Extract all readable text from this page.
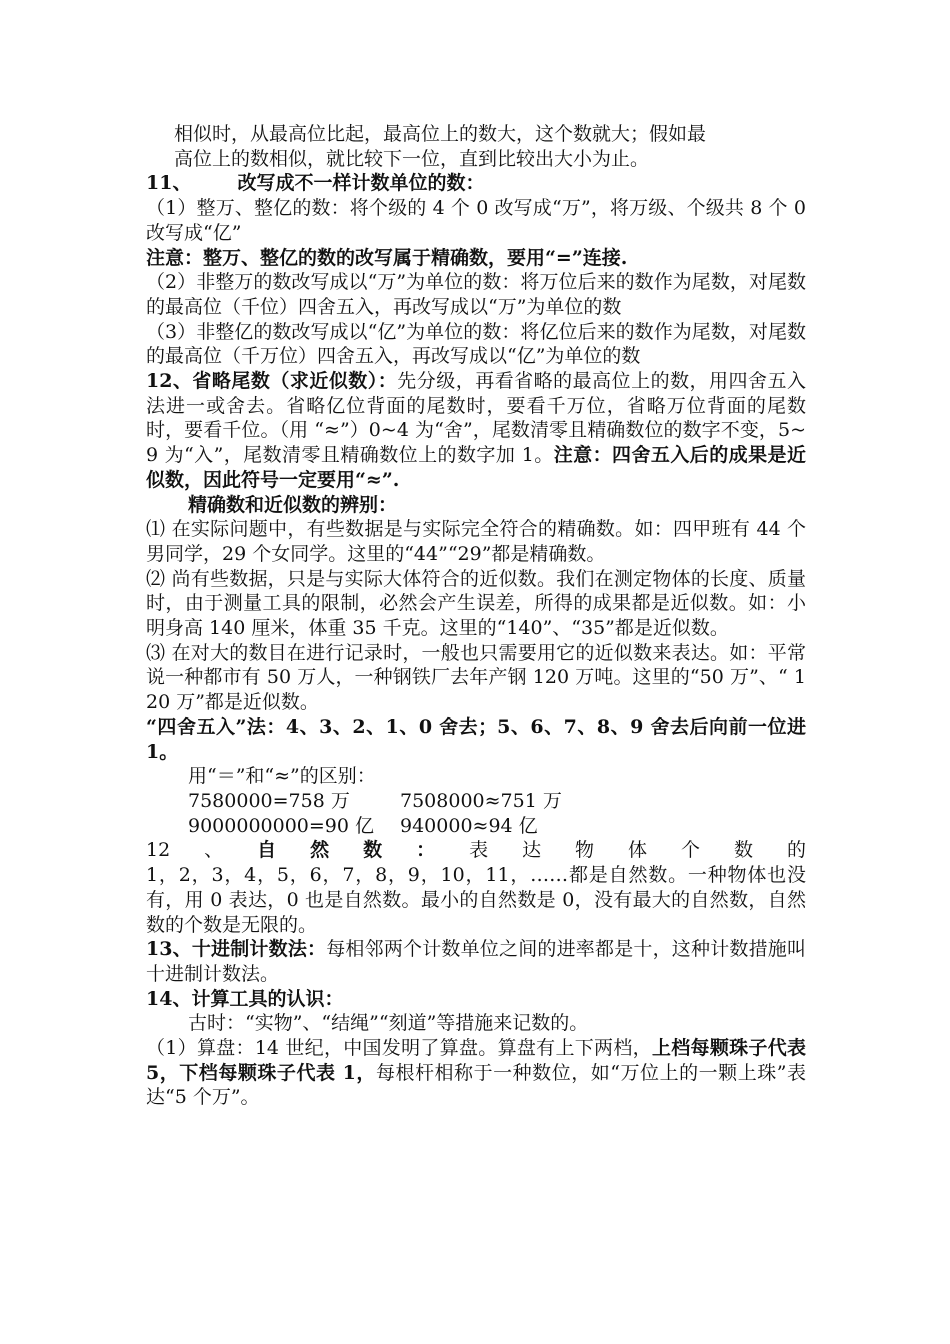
相似时，从最高位比起，最高位上的数大，这个数就大；假如最
高位上的数相似，就比较下一位，直到比较出大小为止。

11、 改写成不一样计数单位的数：

（1）整万、整亿的数：将个级的 4 个 0 改写成“万”，将万级、个级共 8 个 0 改写成“亿”

注意：整万、整亿的数的改写属于精确数，要用“=”连接.

（2）非整万的数改写成以“万”为单位的数：将万位后来的数作为尾数，对尾数的最高位（千位）四舍五入，再改写成以“万”为单位的数

（3）非整亿的数改写成以“亿”为单位的数：将亿位后来的数作为尾数，对尾数的最高位（千万位）四舍五入，再改写成以“亿”为单位的数

12、省略尾数（求近似数）：先分级，再看省略的最高位上的数，用四舍五入法进一或舍去。省略亿位背面的尾数时，要看千万位，省略万位背面的尾数时，要看千位。（用 “≈”）0~4 为“舍”，尾数清零且精确数位的数字不变，5~9 为“入”，尾数清零且精确数位上的数字加 1。注意：四舍五入后的成果是近似数，因此符号一定要用“≈”.

精确数和近似数的辨别：

⑴ 在实际问题中，有些数据是与实际完全符合的精确数。如：四甲班有 44 个男同学，29 个女同学。这里的“44”“29”都是精确数。

⑵ 尚有些数据，只是与实际大体符合的近似数。我们在测定物体的长度、质量时，由于测量工具的限制，必然会产生误差，所得的成果都是近似数。如：小明身高 140 厘米，体重 35 千克。这里的“140”、“35”都是近似数。

⑶ 在对大的数目在进行记录时，一般也只需要用它的近似数来表达。如：平常说一种都市有 50 万人，一种钢铁厂去年产钢 120 万吨。这里的“50 万”、“ 120 万”都是近似数。

“四舍五入”法：4、3、2、1、0 舍去；5、6、7、8、9 舍去后向前一位进 1。

用“＝”和“≈”的区别：

7580000=758 万	7508000≈751 万
9000000000=90 亿	940000≈94 亿
12 、 自 然 数 ： 表 达 物 体 个 数 的

1，2，3，4，5，6，7，8，9，10，11，……都是自然数。一种物体也没有，用 0 表达，0 也是自然数。最小的自然数是 0，没有最大的自然数，自然数的个数是无限的。

13、十进制计数法：每相邻两个计数单位之间的进率都是十，这种计数措施叫十进制计数法。

14、计算工具的认识：

古时：“实物”、“结绳”“刻道”等措施来记数的。

（1）算盘：14 世纪，中国发明了算盘。算盘有上下两档，上档每颗珠子代表 5，下档每颗珠子代表 1，每根杆相称于一种数位，如“万位上的一颗上珠”表达“5 个万”。
